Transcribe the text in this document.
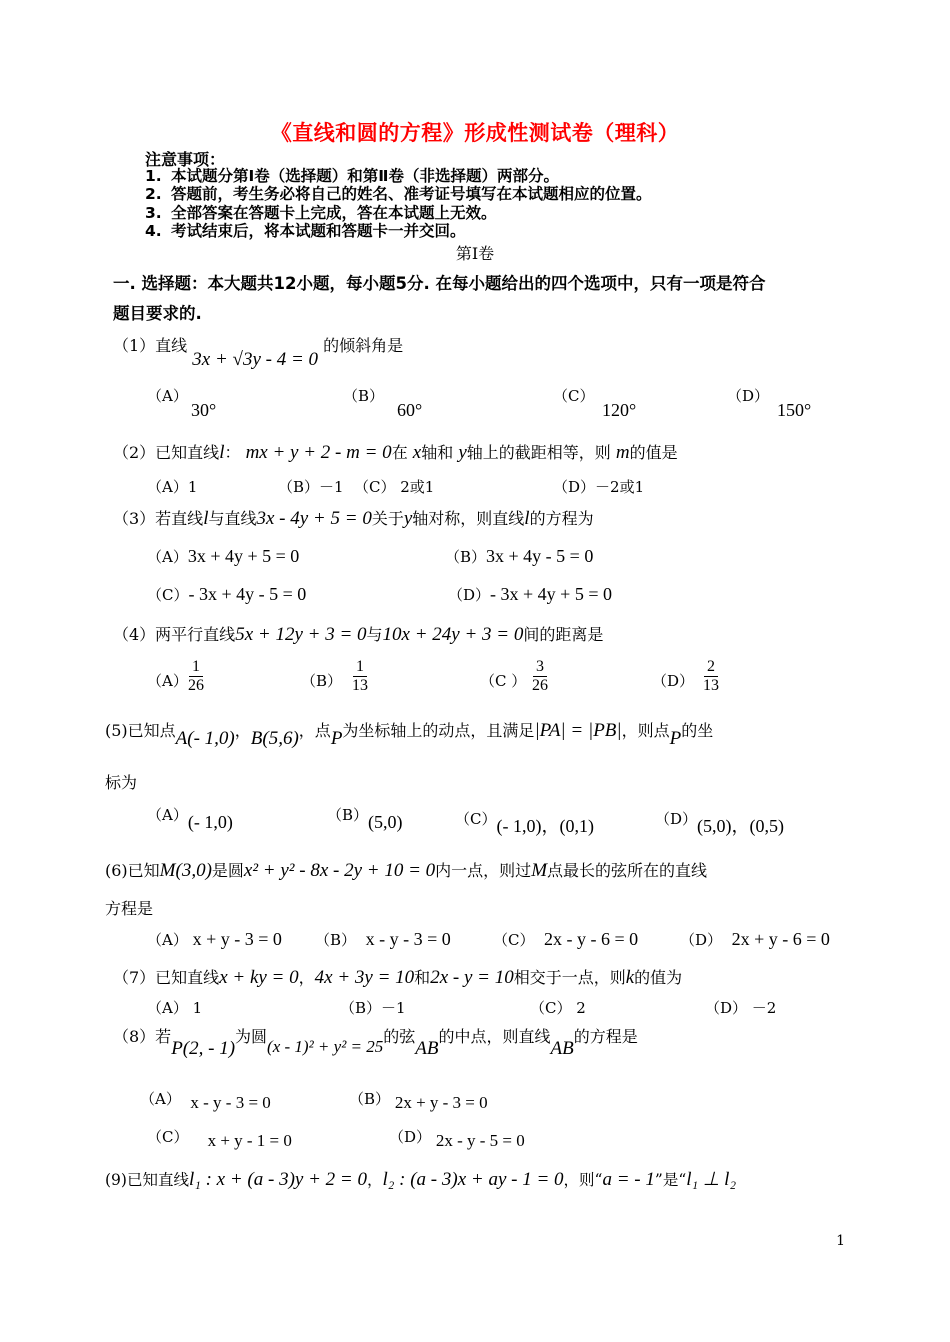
《直线和圆的方程》形成性测试卷（理科）
注意事项：
1. 本试题分第Ⅰ卷（选择题）和第Ⅱ卷（非选择题）两部分。
2. 答题前，考生务必将自己的姓名、准考证号填写在本试题相应的位置。
3. 全部答案在答题卡上完成，答在本试题上无效。
4. 考试结束后，将本试题和答题卡一并交回。
第Ⅰ卷
一. 选择题：本大题共12小题，每小题5分. 在每小题给出的四个选项中，只有一项是符合
题目要求的.
（1）直线 3x + √3y - 4 = 0 的倾斜角是
（A）
30°
（B）
60°
（C）
120°
（D）
150°
（2）已知直线l： mx + y + 2 - m = 0在 x轴和 y轴上的截距相等，则 m的值是
（A）1	（B）－1 （C） 2或1	（D）－2或1
（3）若直线l与直线3x - 4y + 5 = 0关于y轴对称，则直线l的方程为
（A）3x + 4y + 5 = 0	（B）3x + 4y - 5 = 0
（C）- 3x + 4y - 5 = 0	（D）- 3x + 4y + 5 = 0
（4）两平行直线5x + 12y + 3 = 0与10x + 24y + 3 = 0间的距离是
$(A) \frac{1}{26}$	$(B) \frac{1}{13}$	（C ） $\frac{3}{26}$	$(D) \frac{2}{13}$
(5)已知点A(- 1,0)，B(5,6)，点P为坐标轴上的动点，且满足|PA| = |PB|，则点P的坐
标为
（A）(- 1,0)	（B）(5,0)	（C）(- 1,0)，(0,1)	（D）(5,0)，(0,5)
(6)已知M(3,0)是圆x² + y² - 8x - 2y + 10 = 0内一点，则过M点最长的弦所在的直线
方程是
（A） x + y - 3 = 0 （B） x - y - 3 = 0	（C） 2x - y - 6 = 0	（D） 2x + y - 6 = 0
（7）已知直线x + ky = 0，4x + 3y = 10和2x - y = 10相交于一点，则k的值为
（A） 1	（B）－1	（C） 2	（D） －2
（8）若P(2, - 1)为圆(x - 1)² + y² = 25的弦AB的中点，则直线AB的方程是
（A） x - y - 3 = 0	（B） 2x + y - 3 = 0
（C） x + y - 1 = 0	（D） 2x - y - 5 = 0
(9)已知直线l₁ : x + (a - 3)y + 2 = 0，l₂ : (a - 3)x + ay - 1 = 0，则“a = - 1”是“l₁ ⊥ l₂
1
